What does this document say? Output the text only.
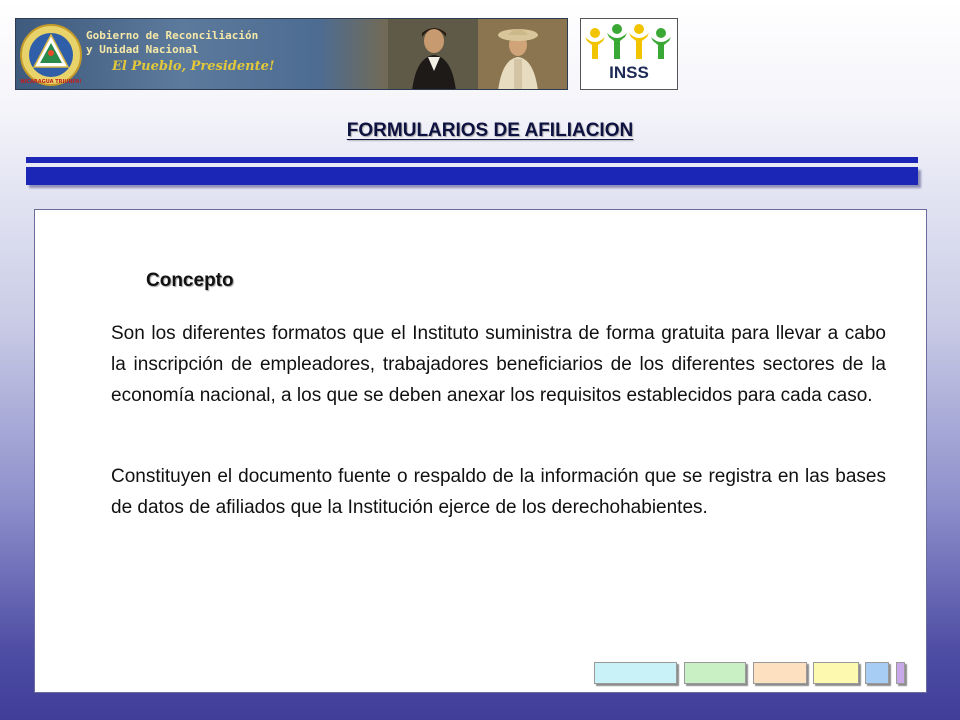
NICARAGUA TRIUNFA!
Gobierno de Reconciliación
y Unidad Nacional
El Pueblo, Presidente!	INSS
FORMULARIOS DE AFILIACION
Concepto

Son los diferentes formatos que el Instituto suministra de forma gratuita para llevar a cabo la inscripción de empleadores, trabajadores beneficiarios de los diferentes sectores de la economía nacional, a los que se deben anexar los requisitos establecidos para cada caso.

Constituyen el documento fuente o respaldo de la información que se registra en las bases de datos de afiliados que la Institución ejerce de los derechohabientes.
